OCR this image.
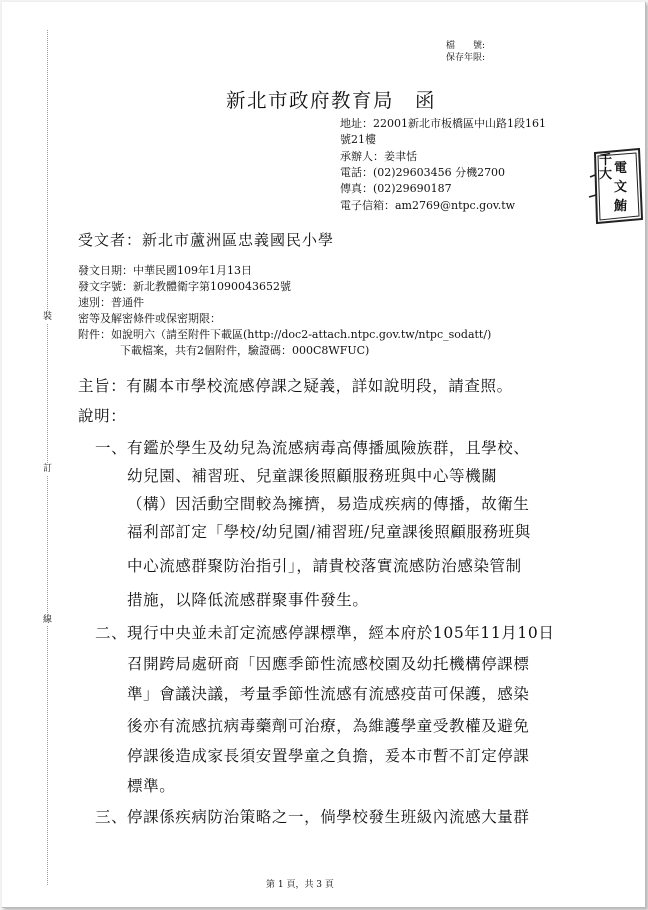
裝
訂
線
檔　　號:
保存年限:
新北市政府教育局　函
地址：22001新北市板橋區中山路1段161
號21樓
承辦人：姜聿恬
電話：(02)29603456 分機2700
傳真：(02)29690187
電子信箱：am2769@ntpc.gov.tw
千大 電文鮪
受文者：新北市蘆洲區忠義國民小學
發文日期：中華民國109年1月13日
發文字號：新北教體衛字第1090043652號
速別：普通件
密等及解密條件或保密期限：
附件：如說明六（請至附件下載區(http://doc2-attach.ntpc.gov.tw/ntpc_sodatt/)
下載檔案，共有2個附件，驗證碼：000C8WFUC)
主旨：有關本市學校流感停課之疑義，詳如說明段，請查照。
說明：
一、 有鑑於學生及幼兒為流感病毒高傳播風險族群，且學校、
幼兒園、補習班、兒童課後照顧服務班與中心等機關
（構）因活動空間較為擁擠，易造成疾病的傳播，故衛生
福利部訂定「學校/幼兒園/補習班/兒童課後照顧服務班與
中心流感群聚防治指引」，請貴校落實流感防治感染管制
措施，以降低流感群聚事件發生。
二、 現行中央並未訂定流感停課標準，經本府於105年11月10日
召開跨局處研商「因應季節性流感校園及幼托機構停課標
準」會議決議，考量季節性流感有流感疫苗可保護，感染
後亦有流感抗病毒藥劑可治療，為維護學童受教權及避免
停課後造成家長須安置學童之負擔，爰本市暫不訂定停課
標準。
三、 停課係疾病防治策略之一，倘學校發生班級內流感大量群
第 1 頁，共 3 頁
